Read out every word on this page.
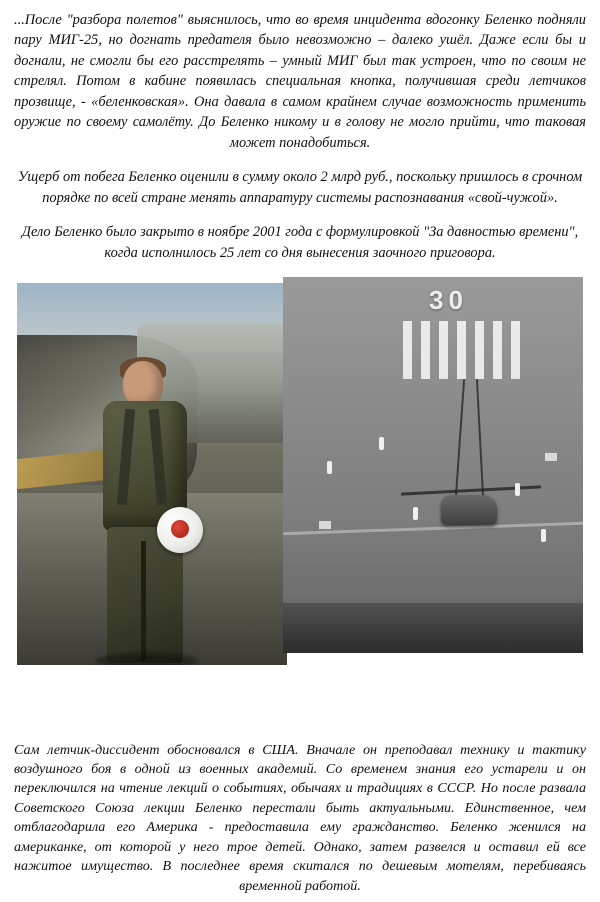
...После "разбора полетов" выяснилось, что во время инцидента вдогонку Беленко подняли пару МИГ-25, но догнать предателя было невозможно – далеко ушёл. Даже если бы и догнали, не смогли бы его расстрелять – умный МИГ был так устроен, что по своим не стрелял. Потом в кабине появилась специальная кнопка, получившая среди летчиков прозвище, - «беленковская». Она давала в самом крайнем случае возможность применить оружие по своему самолёту. До Беленко никому и в голову не могло прийти, что таковая может понадобиться.

Ущерб от побега Беленко оценили в сумму около 2 млрд руб., поскольку пришлось в срочном порядке по всей стране менять аппаратуру системы распознавания «свой-чужой».

Дело Беленко было закрыто в ноябре 2001 года с формулировкой "За давностью времени", когда исполнилось 25 лет со дня вынесения заочного приговора.

30
Сам летчик-диссидент обосновался в США. Вначале он преподавал технику и тактику воздушного боя в одной из военных академий. Со временем знания его устарели и он переключился на чтение лекций о событиях, обычаях и традициях в СССР. Но после развала Советского Союза лекции Беленко перестали быть актуальными. Единственное, чем отблагодарила его Америка - предоставила ему гражданство. Беленко женился на американке, от которой у него трое детей. Однако, затем развелся и оставил ей все нажитое имущество. В последнее время скитался по дешевым мотелям, перебиваясь временной работой.
